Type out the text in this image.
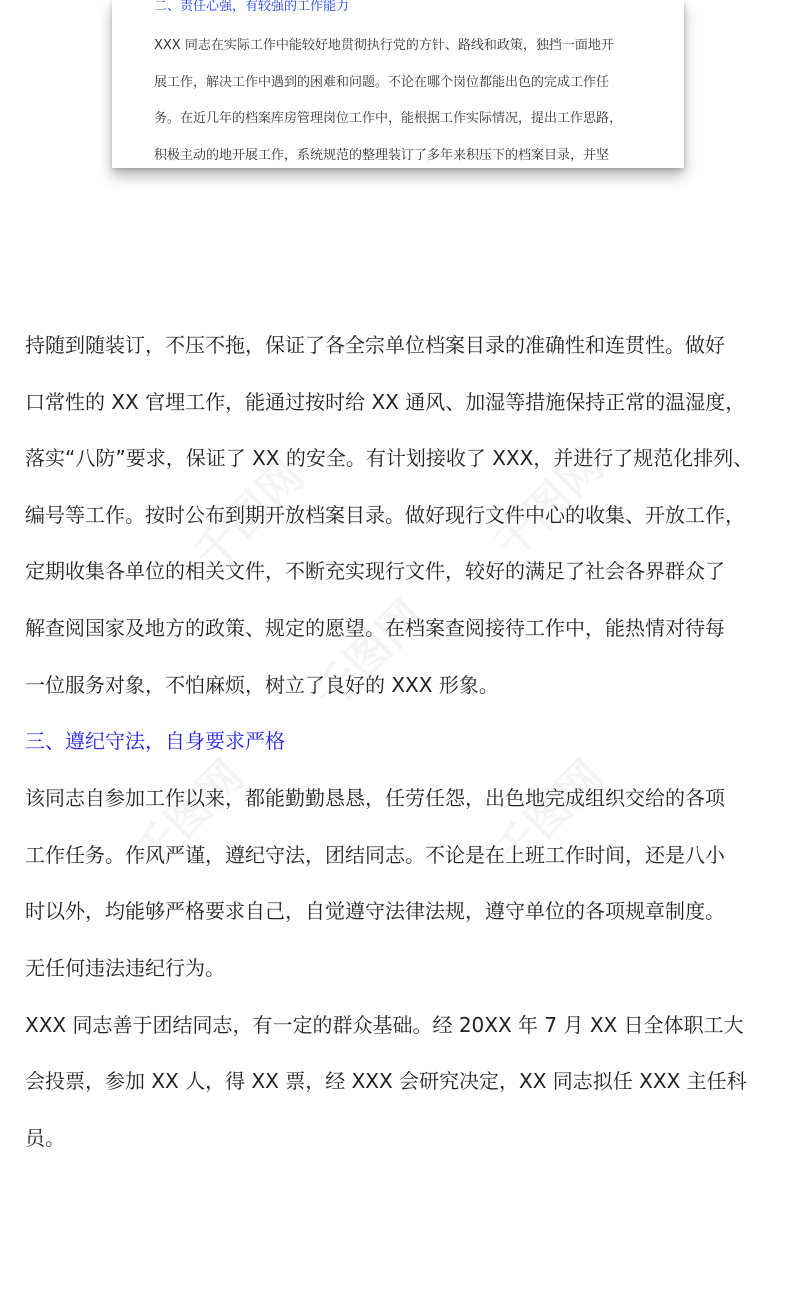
千图网	千图网
千图网
千图网	千图网
二、责任心强，有较强的工作能力
XXX 同志在实际工作中能较好地贯彻执行党的方针、路线和政策，独挡一面地开
展工作，解决工作中遇到的困难和问题。不论在哪个岗位都能出色的完成工作任
务。在近几年的档案库房管理岗位工作中，能根据工作实际情况，提出工作思路，
积极主动的地开展工作，系统规范的整理装订了多年来积压下的档案目录，并坚
持随到随装订，不压不拖，保证了各全宗单位档案目录的准确性和连贯性。做好
口常性的 XX 官埋工作，能通过按时给 XX 通风、加湿等措施保持正常的温湿度，
落实“八防”要求，保证了 XX 的安全。有计划接收了 XXX，并进行了规范化排列、
编号等工作。按时公布到期开放档案目录。做好现行文件中心的收集、开放工作，
定期收集各单位的相关文件，不断充实现行文件，较好的满足了社会各界群众了
解查阅国家及地方的政策、规定的愿望。在档案查阅接待工作中，能热情对待每
一位服务对象，不怕麻烦，树立了良好的 XXX 形象。
三、遵纪守法，自身要求严格
该同志自参加工作以来，都能勤勤恳恳，任劳任怨，出色地完成组织交给的各项
工作任务。作风严谨，遵纪守法，团结同志。不论是在上班工作时间，还是八小
时以外，均能够严格要求自己，自觉遵守法律法规，遵守单位的各项规章制度。
无任何违法违纪行为。
XXX 同志善于团结同志，有一定的群众基础。经 20XX 年 7 月 XX 日全体职工大
会投票，参加 XX 人，得 XX 票，经 XXX 会研究决定，XX 同志拟任 XXX 主任科
员。
